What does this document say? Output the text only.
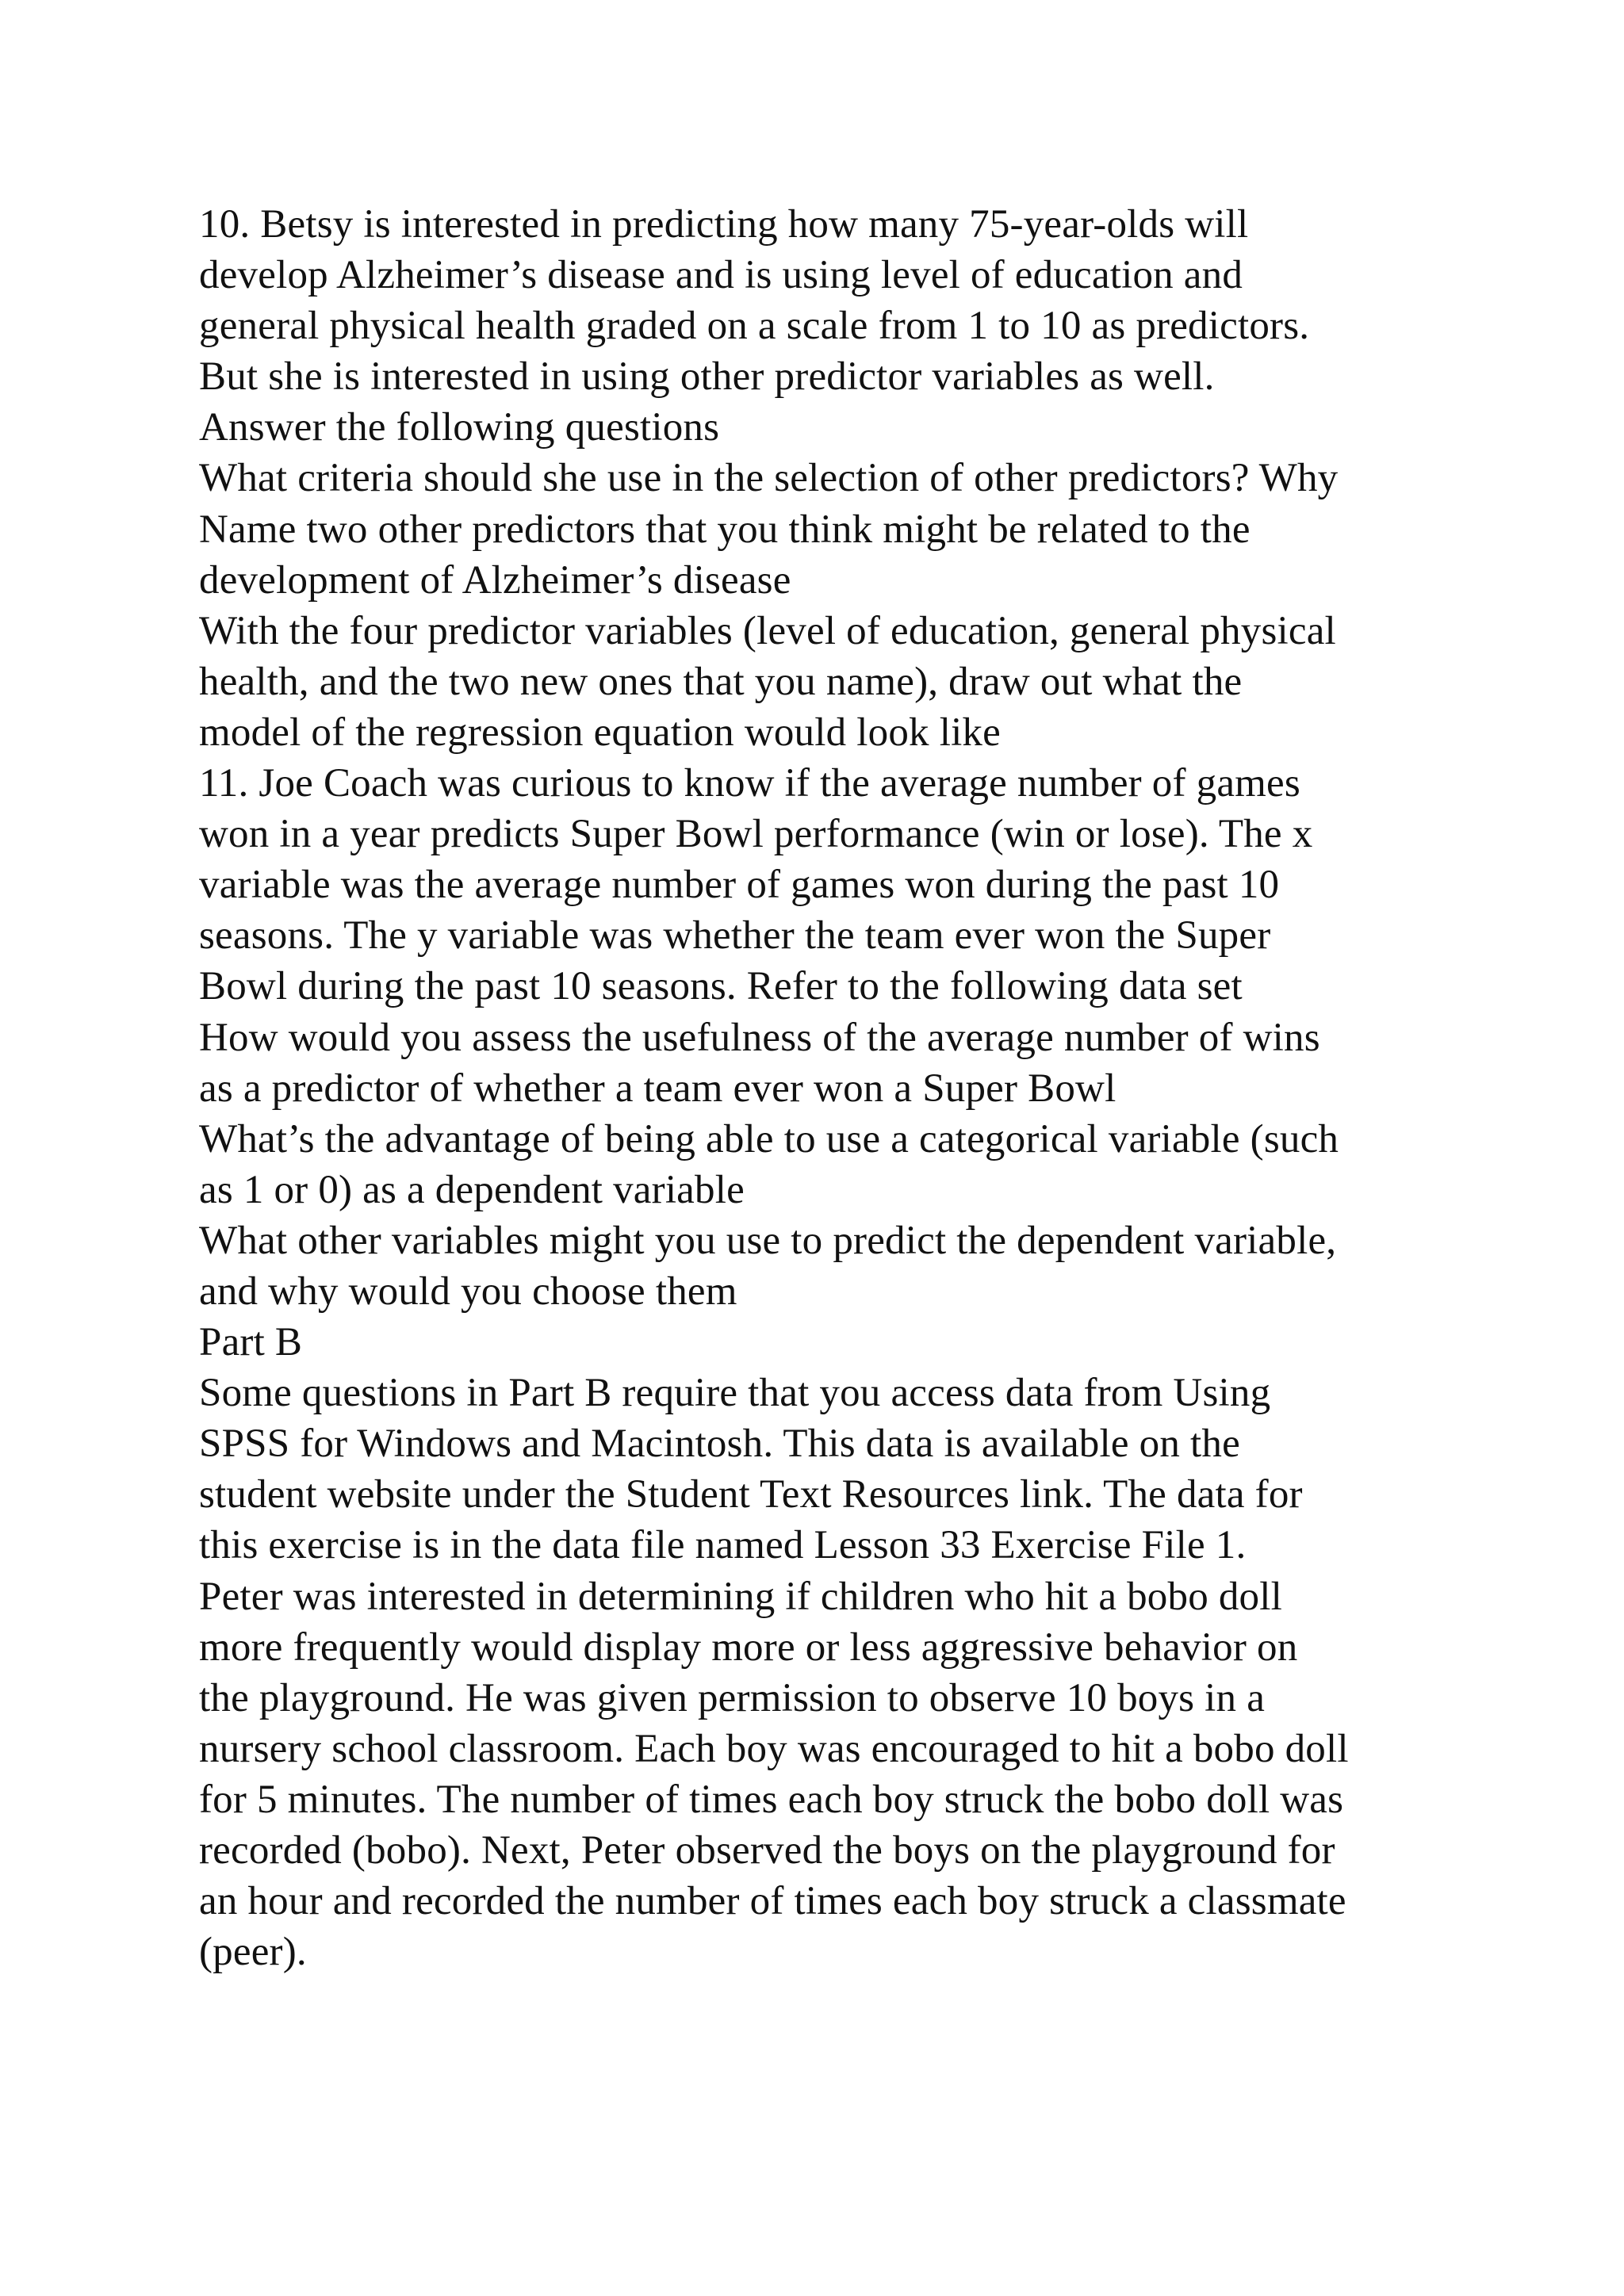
10. Betsy is interested in predicting how many 75-year-olds will
develop Alzheimer’s disease and is using level of education and
general physical health graded on a scale from 1 to 10 as predictors.
But she is interested in using other predictor variables as well.
Answer the following questions
What criteria should she use in the selection of other predictors? Why
Name two other predictors that you think might be related to the
development of Alzheimer’s disease
With the four predictor variables (level of education, general physical
health, and the two new ones that you name), draw out what the
model of the regression equation would look like
11. Joe Coach was curious to know if the average number of games
won in a year predicts Super Bowl performance (win or lose). The x
variable was the average number of games won during the past 10
seasons. The y variable was whether the team ever won the Super
Bowl during the past 10 seasons. Refer to the following data set
How would you assess the usefulness of the average number of wins
as a predictor of whether a team ever won a Super Bowl
What’s the advantage of being able to use a categorical variable (such
as 1 or 0) as a dependent variable
What other variables might you use to predict the dependent variable,
and why would you choose them
Part B
Some questions in Part B require that you access data from Using
SPSS for Windows and Macintosh. This data is available on the
student website under the Student Text Resources link. The data for
this exercise is in the data file named Lesson 33 Exercise File 1.
Peter was interested in determining if children who hit a bobo doll
more frequently would display more or less aggressive behavior on
the playground. He was given permission to observe 10 boys in a
nursery school classroom. Each boy was encouraged to hit a bobo doll
for 5 minutes. The number of times each boy struck the bobo doll was
recorded (bobo). Next, Peter observed the boys on the playground for
an hour and recorded the number of times each boy struck a classmate
(peer).
